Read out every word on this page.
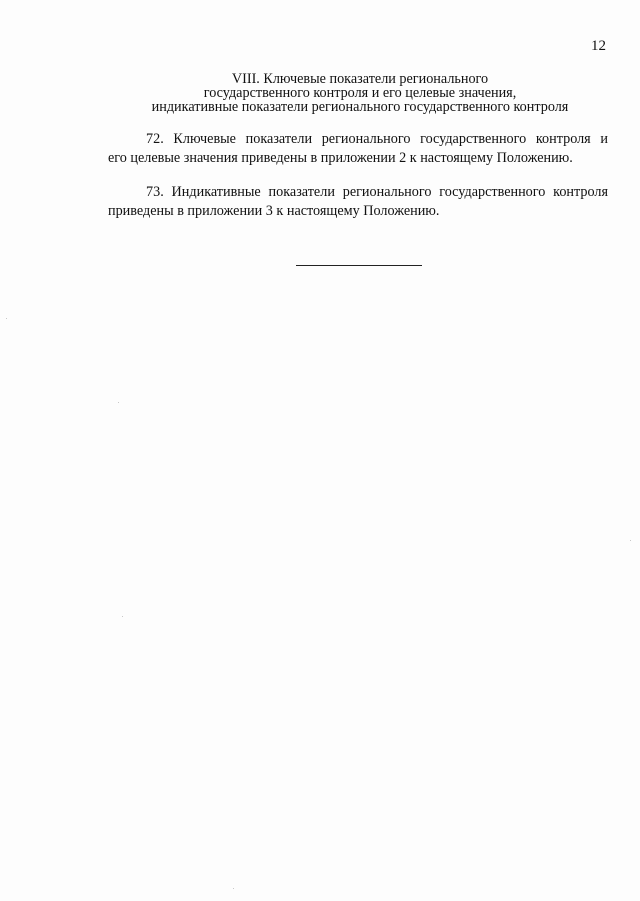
12
VIII. Ключевые показатели регионального
государственного контроля и его целевые значения,
индикативные показатели регионального государственного контроля
72. Ключевые показатели регионального государственного контроля и
его целевые значения приведены в приложении 2 к настоящему Положению.
73. Индикативные показатели регионального государственного контроля
приведены в приложении 3 к настоящему Положению.
